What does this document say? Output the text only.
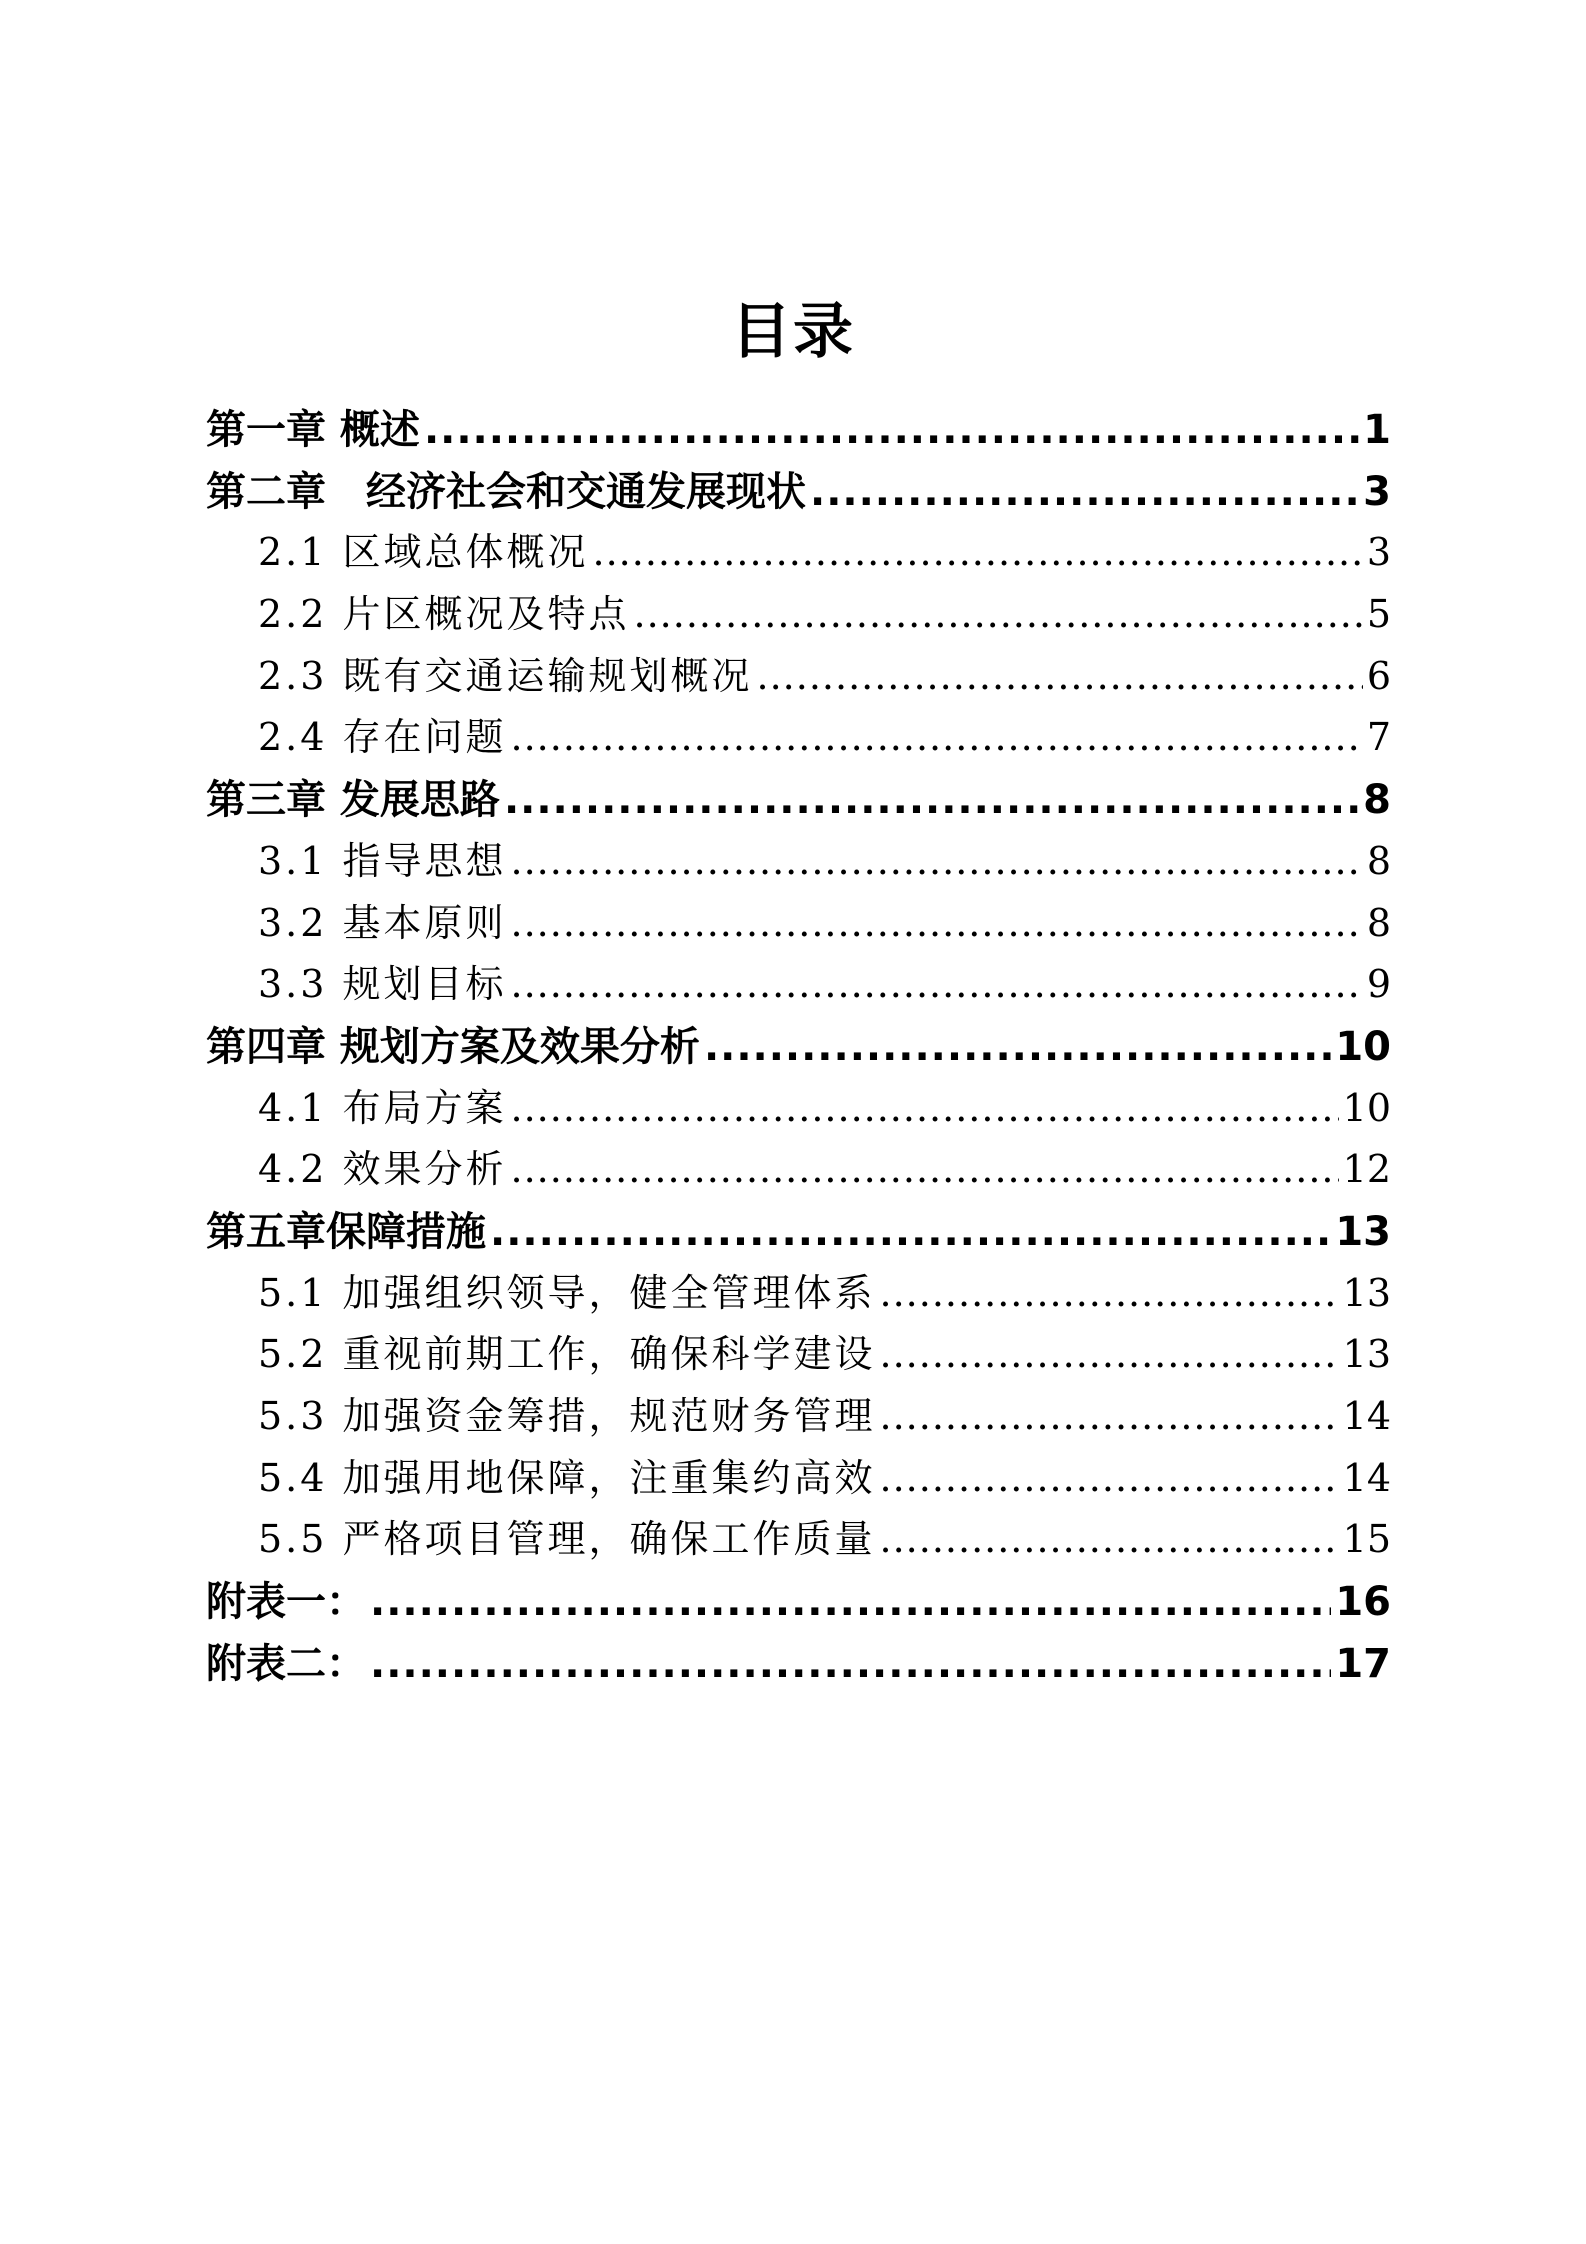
目录
第一章 概述 .....	1
第二章　经济社会和交通发展现状 .....	3
2.1 区域总体概况 .....	3
2.2 片区概况及特点 .....	5
2.3 既有交通运输规划概况 .....	6
2.4 存在问题 .....	7
第三章 发展思路 .....	8
3.1 指导思想 .....	8
3.2 基本原则 .....	8
3.3 规划目标 .....	9
第四章 规划方案及效果分析 .....	10
4.1 布局方案 .....	10
4.2 效果分析 .....	12
第五章保障措施 .....	13
5.1 加强组织领导，健全管理体系 .....	13
5.2 重视前期工作，确保科学建设 .....	13
5.3 加强资金筹措，规范财务管理 .....	14
5.4 加强用地保障，注重集约高效 .....	14
5.5 严格项目管理，确保工作质量 .....	15
附表一： .....	16
附表二： .....	17
